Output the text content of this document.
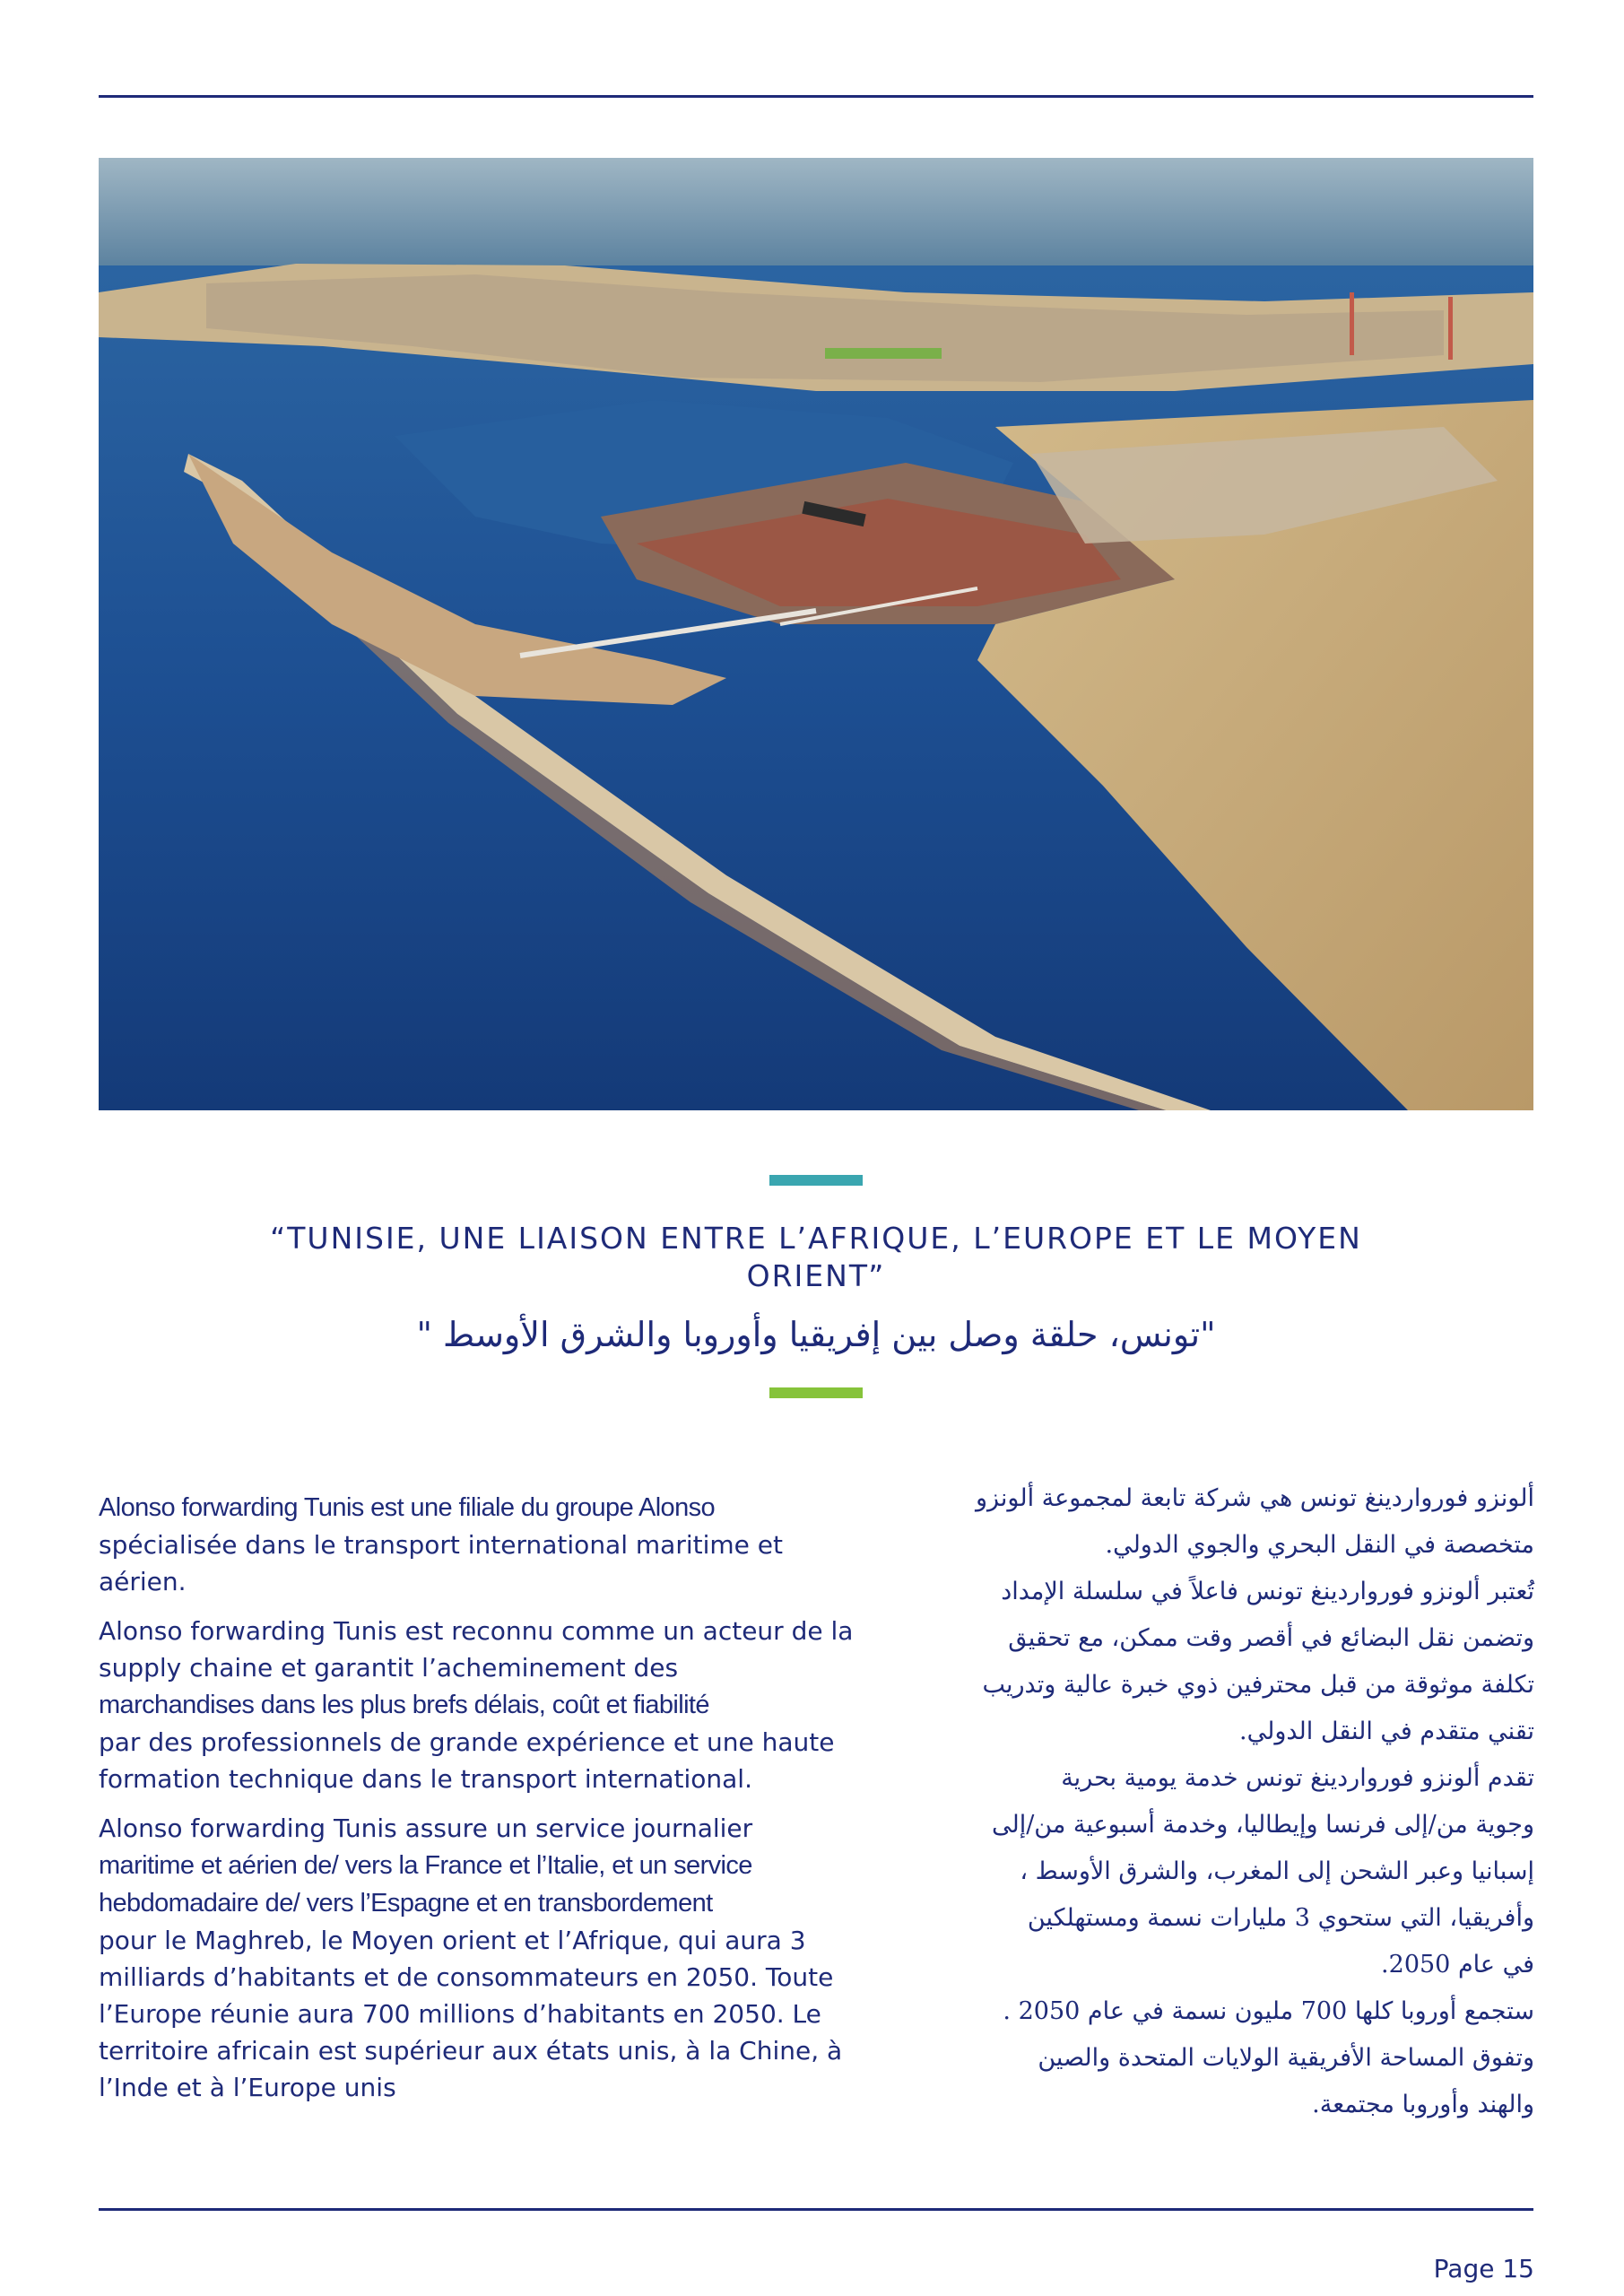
“TUNISIE, UNE LIAISON ENTRE L’AFRIQUE, L’EUROPE ET LE MOYEN ORIENT”
"تونس، حلقة وصل بين إفريقيا وأوروبا والشرق الأوسط "

Alonso forwarding Tunis est une filiale du groupe Alonso
spécialisée dans le transport international maritime et aérien.

Alonso forwarding Tunis est reconnu comme un acteur de la supply chaine et garantit l’acheminement des
marchandises dans les plus brefs délais, coût et fiabilité
par des professionnels de grande expérience et une haute formation technique dans le transport international.

Alonso forwarding Tunis assure un service journalier
maritime et aérien de/ vers la France et l’Italie, et un service hebdomadaire de/ vers l’Espagne et en transbordement
pour le Maghreb, le Moyen orient et l’Afrique, qui aura 3 milliards d’habitants et de consommateurs en 2050. Toute l’Europe réunie aura 700 millions d’habitants en 2050. Le territoire africain est supérieur aux états unis, à la Chine, à l’Inde et à l’Europe unis

ألونزو فورواردينغ تونس هي شركة تابعة لمجموعة ألونزو
متخصصة في النقل البحري والجوي الدولي.
تُعتبر ألونزو فورواردينغ تونس فاعلاً في سلسلة الإمداد
وتضمن نقل البضائع في أقصر وقت ممكن، مع تحقيق
تكلفة موثوقة من قبل محترفين ذوي خبرة عالية وتدريب
تقني متقدم في النقل الدولي.
تقدم ألونزو فورواردينغ تونس خدمة يومية بحرية
وجوية من/إلى فرنسا وإيطاليا، وخدمة أسبوعية من/إلى
إسبانيا وعبر الشحن إلى المغرب، والشرق الأوسط ،
وأفريقيا، التي ستحوي 3 مليارات نسمة ومستهلكين
في عام 2050.
ستجمع أوروبا كلها 700 مليون نسمة في عام 2050 .
وتفوق المساحة الأفريقية الولايات المتحدة والصين
والهند وأوروبا مجتمعة.
Page 15
